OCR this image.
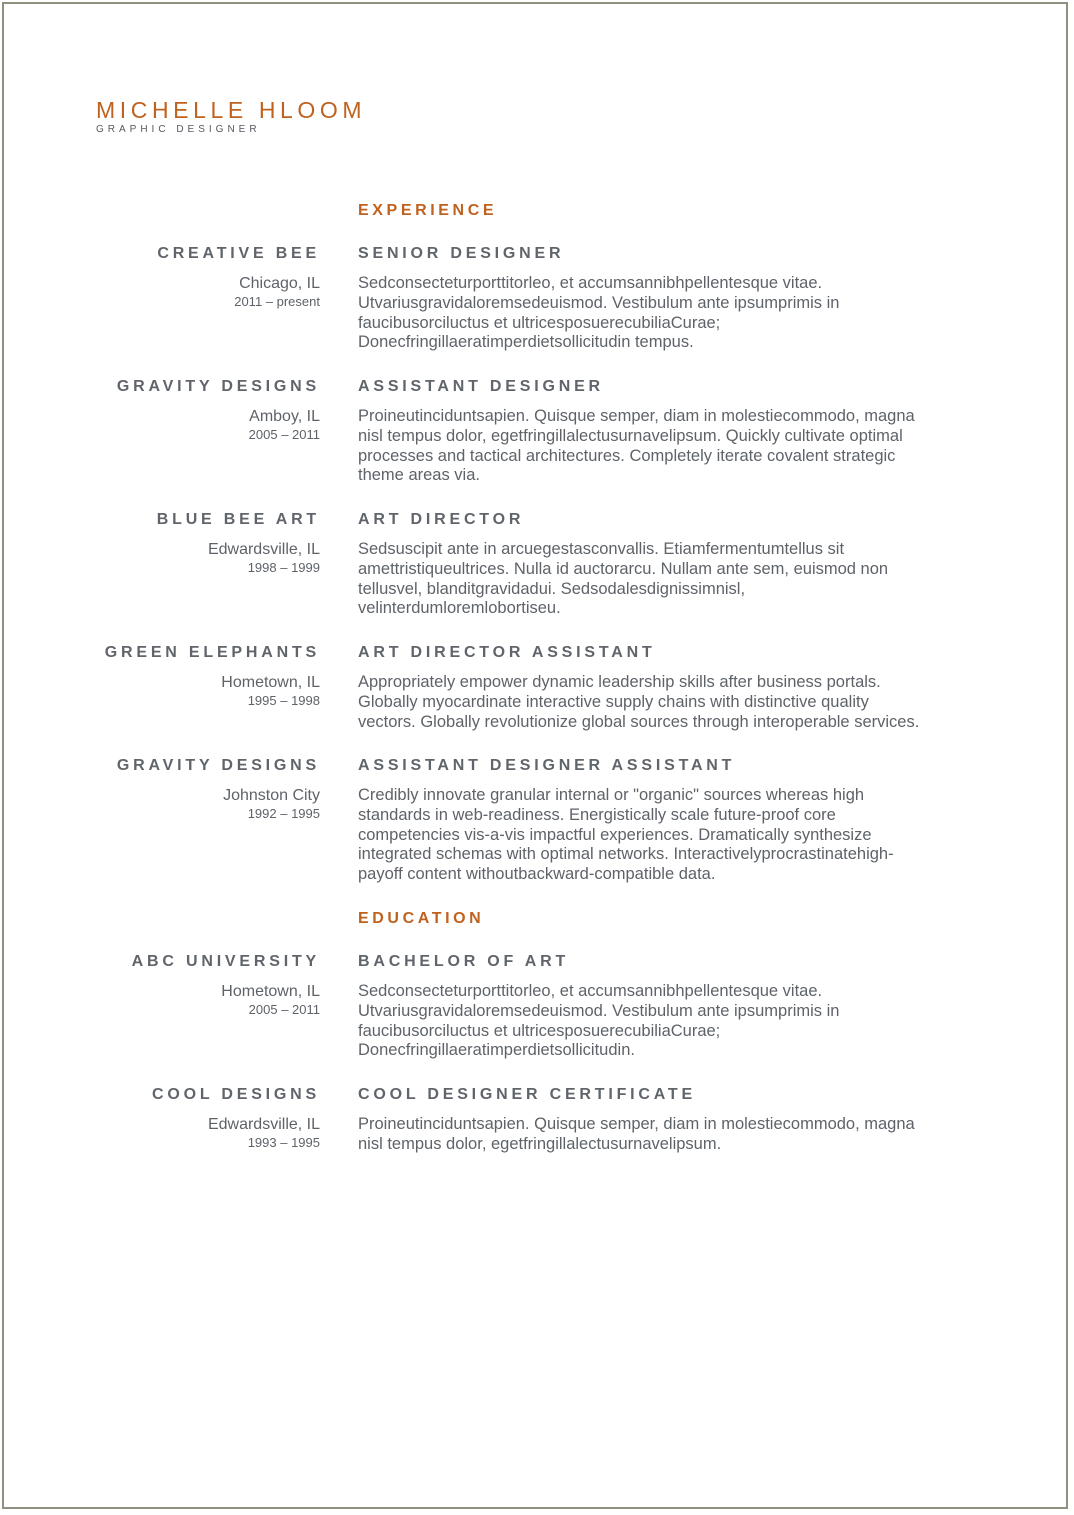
MICHELLE HLOOM
GRAPHIC DESIGNER
EXPERIENCE
CREATIVE BEE
Chicago, IL
2011 – present
SENIOR DESIGNER
Sedconsecteturporttitorleo, et accumsannibhpellentesque vitae.
Utvariusgravidaloremsedeuismod. Vestibulum ante ipsumprimis in
faucibusorciluctus et ultricesposuerecubiliaCurae;
Donecfringillaeratimperdietsollicitudin tempus.
GRAVITY DESIGNS
Amboy, IL
2005 – 2011
ASSISTANT DESIGNER
Proineutincid​untsapien. Quisque semper, diam in molestiecommodo, magna
nisl tempus dolor, egetfringillalectusurnavelipsum. Quickly cultivate optimal
processes and tactical architectures. Completely iterate covalent strategic
theme areas via.
BLUE BEE ART
Edwardsville, IL
1998 – 1999
ART DIRECTOR
Sedsuscipit ante in arcuegestasconvallis. Etiamfermentumtellus sit
amettristiqueultrices. Nulla id auctorarcu. Nullam ante sem, euismod non
tellusvel, blanditgravidadui. Sedsodalesdignissimnisl,
velinterdumloremlobortiseu.
GREEN ELEPHANTS
Hometown, IL
1995 – 1998
ART DIRECTOR ASSISTANT
Appropriately empower dynamic leadership skills after business portals.
Globally myocardinate interactive supply chains with distinctive quality
vectors. Globally revolutionize global sources through interoperable services.
GRAVITY DESIGNS
Johnston City
1992 – 1995
ASSISTANT DESIGNER ASSISTANT
Credibly innovate granular internal or "organic" sources whereas high
standards in web-readiness. Energistically scale future-proof core
competencies vis-a-vis impactful experiences. Dramatically synthesize
integrated schemas with optimal networks. Interactivelyprocrastinatehigh-
payoff content withoutbackward-compatible data.
EDUCATION
ABC UNIVERSITY
Hometown, IL
2005 – 2011
BACHELOR OF ART
Sedconsecteturporttitorleo, et accumsannibhpellentesque vitae.
Utvariusgravidaloremsedeuismod. Vestibulum ante ipsumprimis in
faucibusorciluctus et ultricesposuerecubiliaCurae;
Donecfringillaeratimperdietsollicitudin.
COOL DESIGNS
Edwardsville, IL
1993 – 1995
COOL DESIGNER CERTIFICATE
Proineutinciduntsapien. Quisque semper, diam in molestiecommodo, magna
nisl tempus dolor, egetfringillalectusurnavelipsum.
